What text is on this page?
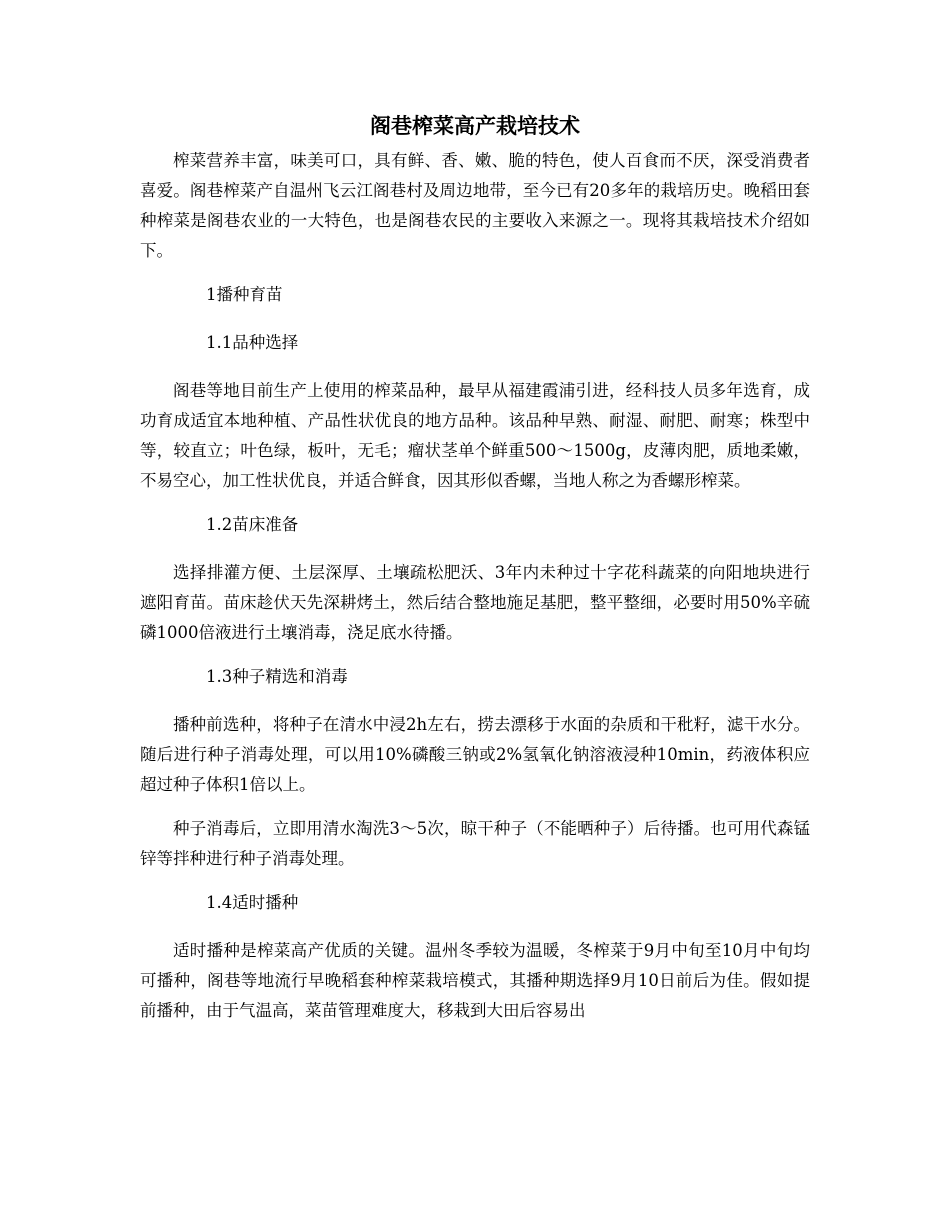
阁巷榨菜高产栽培技术

榨菜营养丰富，味美可口，具有鲜、香、嫩、脆的特色，使人百食而不厌，深受消费者喜爱。阁巷榨菜产自温州飞云江阁巷村及周边地带，至今已有20多年的栽培历史。晚稻田套种榨菜是阁巷农业的一大特色，也是阁巷农民的主要收入来源之一。现将其栽培技术介绍如下。

1播种育苗
1.1品种选择

阁巷等地目前生产上使用的榨菜品种，最早从福建霞浦引进，经科技人员多年选育，成功育成适宜本地种植、产品性状优良的地方品种。该品种早熟、耐湿、耐肥、耐寒；株型中等，较直立；叶色绿，板叶，无毛；瘤状茎单个鲜重500～1500g，皮薄肉肥，质地柔嫩，不易空心，加工性状优良，并适合鲜食，因其形似香螺，当地人称之为香螺形榨菜。

1.2苗床准备

选择排灌方便、土层深厚、土壤疏松肥沃、3年内未种过十字花科蔬菜的向阳地块进行遮阳育苗。苗床趁伏天先深耕烤土，然后结合整地施足基肥，整平整细，必要时用50%辛硫磷1000倍液进行土壤消毒，浇足底水待播。

1.3种子精选和消毒

播种前选种，将种子在清水中浸2h左右，捞去漂移于水面的杂质和干秕籽，滤干水分。随后进行种子消毒处理，可以用10%磷酸三钠或2%氢氧化钠溶液浸种10min，药液体积应超过种子体积1倍以上。

种子消毒后，立即用清水淘洗3～5次，晾干种子（不能晒种子）后待播。也可用代森锰锌等拌种进行种子消毒处理。

1.4适时播种

适时播种是榨菜高产优质的关键。温州冬季较为温暖，冬榨菜于9月中旬至10月中旬均可播种，阁巷等地流行早晚稻套种榨菜栽培模式，其播种期选择9月10日前后为佳。假如提前播种，由于气温高，菜苗管理难度大，移栽到大田后容易出
